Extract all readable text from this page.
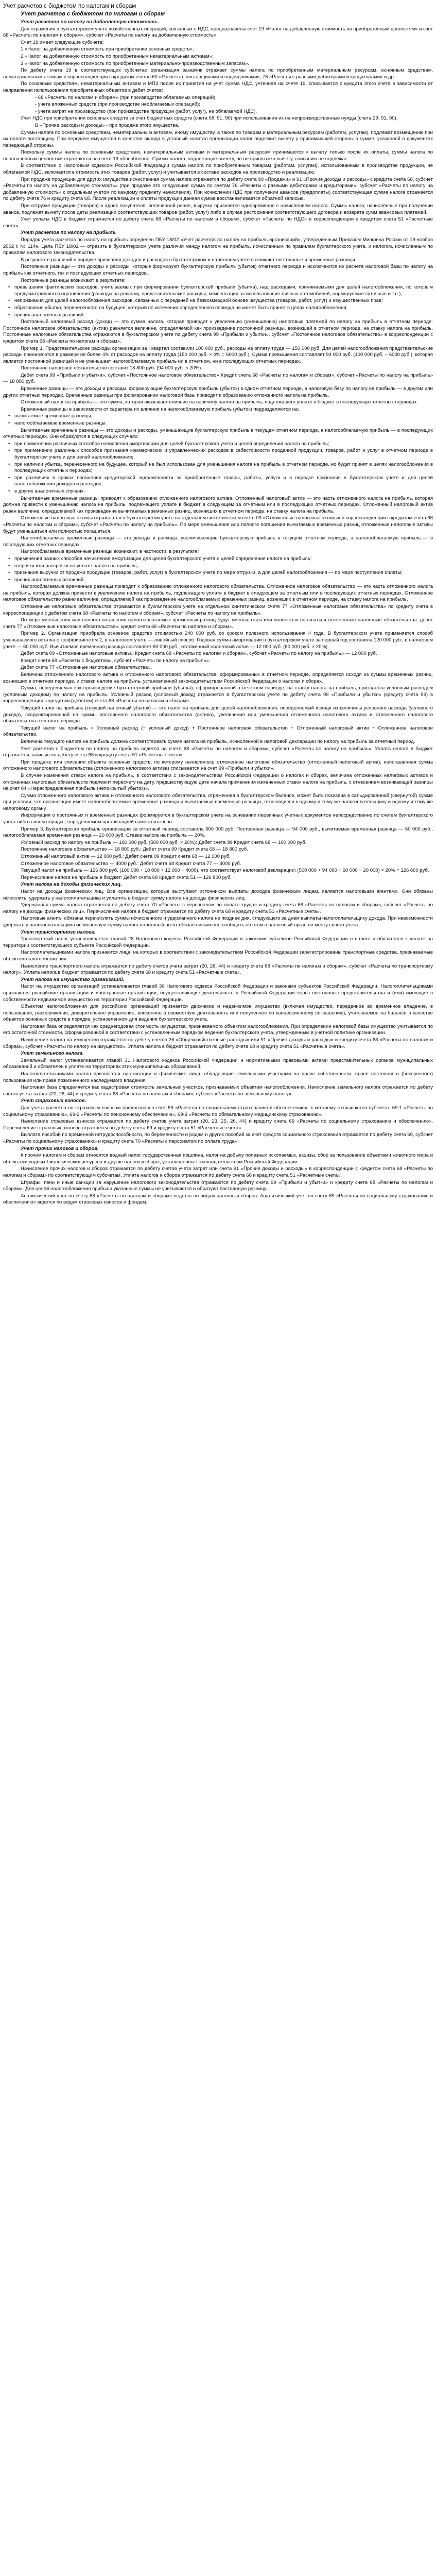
Учет расчетов с бюджетом по налогам и сборам
Учет расчетов с бюджетом по налогам и сборам

Учет расчетов по налогу на добавленную стоимость.

Для отражения в бухгалтерском учете хозяйственных операций, связанных с НДС, предназначены счет 19 «Налог на добавленную стоимость по приобретенным ценностям» и счет 68 «Расчеты по налогам и сборам», субсчет «Расчеты по налогу на добавленную стоимость».

Счет 19 имеет следующие субсчета:

1 «Налог на добавленную стоимость при приобретении основных средств»;

2 «Налог на добавленную стоимость по приобретенным нематериальным активам»;

3 «Налог на добавленную стоимость по приобретенным материально-производственным запасам».

По дебету счета 19 в соответствующих субсчетах организация заказчик отражает суммы налога по приобретенным материальным ресурсам, основным средствам, нематериальным активам в корреспонденции с кредитом счетов 60 «Расчеты с поставщиками и подрядчиками», 76 «Расчеты с разными дебиторами и кредиторами» и др.

По основным средствам, нематериальным активам и МПЗ после их принятия на учет сумма НДС, учтенная на счете 19, списывается с кредита этого счета в зависимости от направления использования приобретенных объектов в дебет счетов:

- 68 «Расчеты по налогам и сборам» (при производстве облагаемых операций);

- учета вложенных средств (при производстве необлагаемых операций);

- учета затрат на производство (при производстве продукции (работ, услуг), не облагаемой НДС).

Учет НДС при приобретении основных средств за счет бюджетных средств (счета 08, 91, 90) при использовании их на непроизводственные нужды (счета 29, 91, 90).

В «Прочие расходы и доходы» - при продаже этого имущества.

Суммы налога по основным средствам, нематериальным активам, иному имуществу, а также по товарам и материальным ресурсам (работам, услугам), подлежат возмещению при их оплате поставщику. При передаче имущества в качестве вклада в уставный капитал организации налог подлежит вычету у принимающей стороны в сумме, указанной в документах передающей стороны.

Поскольку суммы налога по основным средствам, нематериальным активам и материальным ресурсам принимаются к вычету только после их оплаты, суммы налога по неоплаченным ценностям отражаются на счете 19 обособленно. Суммы налога, подлежащие вычету, но не принятые к вычету, списанию не подлежат.

В соответствии с Налоговым кодексом Российской Федерации сумма налога по приобретенным товарам (работам, услугам), использованным в производстве продукции, не облагаемой НДС, включается в стоимость этих товаров (работ, услуг) и учитывается в составе расходов на производство и реализацию.

При продаже продукции для других имущества исчисленная сумма налога отражается по дебету счета 90 «Продажи» и 91 «Прочие доходы и расходы» с кредита счета 68, субсчет «Расчеты по налогу на добавленную стоимость» (при продаже это следующие сумма по счетам 76 «Расчеты с разными дебиторами и кредиторами», субсчет «Расчеты по налогу на добавленную стоимость» с отдельным учетом по каждому предмету начисления). При исчислении НДС при получении авансов (предоплаты) соответствующая сумма налога отражается по дебету счета 76 и кредиту счета 68. После реализации и оплаты продукции данная сумма восстанавливается обратной записью.

При отгрузке продукции (товаров) в адрес покупателя, оплаченной ранее, выручка признается одновременно с начислением налога. Суммы налога, начисленные при получении аванса, подлежат вычету после даты реализации соответствующих товаров (работ, услуг) либо в случае расторжения соответствующего договора и возврата сумм авансовых платежей.

Учет уплаты НДС в бюджет отражается по дебету счета 68 «Расчеты по налогам и сборам», субсчет «Расчеты по НДС» в корреспонденции с кредитом счета 51 «Расчетные счета».

Учет расчетов по налогу на прибыль.

Порядок учета расчетов по налогу на прибыль определен ПБУ 18/02 «Учет расчетов по налогу на прибыль организаций», утвержденным Приказом Минфина России от 19 ноября 2002 г. № 114н. Цель ПБУ 18/02 — отразить в бухгалтерском учете различия между налогом на прибыль, исчисленным по правилам бухгалтерского учета, и налогом, исчисленным по правилам налогового законодательства.

В результате различий в порядке признания доходов и расходов в бухгалтерском и налоговом учете возникают постоянные и временные разницы.

Постоянные разницы — это доходы и расходы, которые формируют бухгалтерскую прибыль (убыток) отчетного периода и исключаются из расчета налоговой базы по налогу на прибыль как отчетного, так и последующих отчетных периодов.

Постоянные разницы возникают в результате:

• превышения фактических расходов, учитываемых при формировании бухгалтерской прибыли (убытка), над расходами, принимаемыми для целей налогообложения, по которым предусматриваются ограничения (расходы на рекламу, представительские расходы, компенсация за использование личных автомобилей, нормируемые суточные и т.п.);

• непризнания для целей налогообложения расходов, связанных с передачей на безвозмездной основе имущества (товаров, работ, услуг) и имущественных прав;

• образования убытка, перенесенного на будущее, который по истечении определенного периода не может быть принят в целях налогообложения;

• прочих аналогичных различий.

Постоянный налоговый расход (доход) — это сумма налога, которая приводит к увеличению (уменьшению) налоговых платежей по налогу на прибыль в отчетном периоде. Постоянное налоговое обязательство (актив) равняется величине, определяемой как произведение постоянной разницы, возникшей в отчетном периоде, на ставку налога на прибыль. Постоянные налоговые обязательства отражаются в бухгалтерском учете по дебету счета 99 «Прибыли и убытки», субсчет «Постоянное налоговое обязательство» в корреспонденции с кредитом счета 68 «Расчеты по налогам и сборам».

Пример 1. Представительские расходы организации за I квартал составили 100 000 руб., расходы на оплату труда — 150 000 руб. Для целей налогообложения представительские расходы принимаются в размере не более 4% от расходов на оплату труда (150 000 руб. × 4% = 6000 руб.). Сумма превышения составляет 94 000 руб. (100 000 руб. − 6000 руб.), которая является постоянной разницей и не уменьшает налогооблагаемую прибыль ни в отчетном, ни в последующих отчетных периодах.

Постоянное налоговое обязательство составит 18 800 руб. (94 000 руб. × 20%).

Дебет счета 99 «Прибыли и убытки», субсчет «Постоянное налоговое обязательство» Кредит счета 68 «Расчеты по налогам и сборам», субсчет «Расчеты по налогу на прибыль» — 18 800 руб.

Временные разницы — это доходы и расходы, формирующие бухгалтерскую прибыль (убыток) в одном отчетном периоде, а налоговую базу по налогу на прибыль — в другом или других отчетных периодах. Временные разницы при формировании налоговой базы приводят к образованию отложенного налога на прибыль.

Отложенный налог на прибыль — это сумма, которая оказывает влияние на величину налога на прибыль, подлежащего уплате в бюджет в последующих отчетных периодах.

Временные разницы в зависимости от характера их влияния на налогооблагаемую прибыль (убыток) подразделяются на:

• вычитаемые временные разницы;

• налогооблагаемые временные разницы.

Вычитаемые временные разницы — это доходы и расходы, уменьшающие бухгалтерскую прибыль в текущем отчетном периоде, а налогооблагаемую прибыль — в последующих отчетных периодах. Они образуются в следующих случаях:

• при применении различных способов начисления амортизации для целей бухгалтерского учета и целей определения налога на прибыль;

• при применении различных способов признания коммерческих и управленческих расходов в себестоимости проданной продукции, товаров, работ и услуг в отчетном периоде в бухгалтерском учете и для целей налогообложения;

• при наличии убытка, перенесенного на будущее, который не был использован для уменьшения налога на прибыль в отчетном периоде, но будет принят в целях налогообложения в последующих отчетных периодах;

• при различиях в сроках погашения кредиторской задолженности за приобретенные товары, работы, услуги и в порядке признания в бухгалтерском учете и для целей налогообложения доходов и расходов;

• в других аналогичных случаях.

Вычитаемые временные разницы приводят к образованию отложенного налогового актива. Отложенный налоговый актив — это часть отложенного налога на прибыль, которая должна привести к уменьшению налога на прибыль, подлежащего уплате в бюджет в следующем за отчетным или в последующих отчетных периодах. Отложенный налоговый актив равен величине, определяемой как произведение вычитаемых временных разниц, возникших в отчетном периоде, на ставку налога на прибыль.

Отложенные налоговые активы отражаются в бухгалтерском учете на отдельном синтетическом счете 09 «Отложенные налоговые активы» в корреспонденции с кредитом счета 68 «Расчеты по налогам и сборам», субсчет «Расчеты по налогу на прибыль». По мере уменьшения или полного погашения вычитаемых временных разниц отложенные налоговые активы будут уменьшаться или полностью погашаться.

Налогооблагаемые временные разницы — это доходы и расходы, увеличивающие бухгалтерскую прибыль в текущем отчетном периоде, а налогооблагаемую прибыль — в последующих отчетных периодах.

Налогооблагаемые временные разницы возникают, в частности, в результате:

• применения разных способов начисления амортизации для целей бухгалтерского учета и целей определения налога на прибыль;

• отсрочки или рассрочки по уплате налога на прибыль;

• признания выручки от продажи продукции (товаров, работ, услуг) в бухгалтерском учете по мере отгрузки, а для целей налогообложения — по мере поступления оплаты;

• прочих аналогичных различий.

Налогооблагаемые временные разницы приводят к образованию отложенного налогового обязательства. Отложенное налоговое обязательство — это часть отложенного налога на прибыль, которая должна привести к увеличению налога на прибыль, подлежащего уплате в бюджет в следующем за отчетным или в последующих отчетных периодах. Отложенное налоговое обязательство равно величине, определяемой как произведение налогооблагаемых временных разниц, возникших в отчетном периоде, на ставку налога на прибыль.

Отложенные налоговые обязательства отражаются в бухгалтерском учете на отдельном синтетическом счете 77 «Отложенные налоговые обязательства» по кредиту счета в корреспонденции с дебетом счета 68 «Расчеты по налогам и сборам», субсчет «Расчеты по налогу на прибыль».

По мере уменьшения или полного погашения налогооблагаемых временных разниц будут уменьшаться или полностью погашаться отложенные налоговые обязательства: дебет счета 77 «Отложенные налоговые обязательства», кредит счета 68 «Расчеты по налогам и сборам».

Пример 2. Организация приобрела основное средство стоимостью 240 000 руб. со сроком полезного использования 4 года. В бухгалтерском учете применяется способ уменьшаемого остатка с коэффициентом 2, в налоговом учете — линейный способ. Годовая сумма амортизации в бухгалтерском учете за первый год составила 120 000 руб., в налоговом учете — 60 000 руб. Вычитаемая временная разница составляет 60 000 руб., отложенный налоговый актив — 12 000 руб. (60 000 руб. × 20%).

Дебет счета 09 «Отложенные налоговые активы» Кредит счета 68 «Расчеты по налогам и сборам», субсчет «Расчеты по налогу на прибыль» — 12 000 руб.

Кредит счета 68 «Расчеты с бюджетом», субсчет «Расчеты по налогу на прибыль».

Дебет счета 77 «Отложенные налоговые обязательства».

Величина отложенного налогового актива и отложенного налогового обязательства, сформированных в отчетном периоде, определяется исходя из суммы временных разниц, возникших в отчетном периоде, и ставки налога на прибыль, установленной законодательством Российской Федерации о налогах и сборах.

Сумма, определяемая как произведение бухгалтерской прибыли (убытка), сформированной в отчетном периоде, на ставку налога на прибыль, признается условным расходом (условным доходом) по налогу на прибыль. Условный расход (условный доход) отражается в бухгалтерском учете по дебету счета 99 «Прибыли и убытки» (кредиту счета 99) в корреспонденции с кредитом (дебетом) счета 68 «Расчеты по налогам и сборам».

Текущий налог на прибыль (текущий налоговый убыток) — это налог на прибыль для целей налогообложения, определяемый исходя из величины условного расхода (условного дохода), скорректированной на суммы постоянного налогового обязательства (актива), увеличения или уменьшения отложенного налогового актива и отложенного налогового обязательства отчетного периода.

Текущий налог на прибыль = Условный расход (− условный доход) + Постоянное налоговое обязательство + Отложенный налоговый актив − Отложенное налоговое обязательство.

Величина текущего налога на прибыль должна соответствовать сумме налога на прибыль, исчисленной в налоговой декларации по налогу на прибыль за отчетный период.

Учет расчетов с бюджетом по налогу на прибыль ведется на счете 68 «Расчеты по налогам и сборам», субсчет «Расчеты по налогу на прибыль». Уплата налога в бюджет отражается записью по дебету счета 68 и кредиту счета 51 «Расчетные счета».

При продаже или списании объекта основных средств, по которому начислялось отложенное налоговое обязательство (отложенный налоговый актив), непогашенная сумма отложенного налогового обязательства (отложенного налогового актива) списывается на счет 99 «Прибыли и убытки».

В случае изменения ставок налога на прибыль, в соответствии с законодательством Российской Федерации о налогах и сборах, величина отложенных налоговых активов и отложенных налоговых обязательств подлежит пересчету на дату, предшествующую дате начала применения измененных ставок налога на прибыль, с отнесением возникающей разницы на счет 84 «Нераспределенная прибыль (непокрытый убыток)».

Сумма отложенного налогового актива и отложенного налогового обязательства, отраженная в бухгалтерском балансе, может быть показана в сальдированной (свернутой) сумме при условии, что организация имеет налогооблагаемые временные разницы и вычитаемые временные разницы, относящиеся к одному и тому же налогоплательщику и одному и тому же налоговому органу.

Информация о постоянных и временных разницах формируется в бухгалтерском учете на основании первичных учетных документов непосредственно по счетам бухгалтерского учета либо в ином порядке, определяемом организацией самостоятельно.

Пример 3. Бухгалтерская прибыль организации за отчетный период составила 500 000 руб. Постоянная разница — 94 000 руб., вычитаемая временная разница — 60 000 руб., налогооблагаемая временная разница — 20 000 руб. Ставка налога на прибыль — 20%.

Условный расход по налогу на прибыль — 100 000 руб. (500 000 руб. × 20%): Дебет счета 99 Кредит счета 68 — 100 000 руб.

Постоянное налоговое обязательство — 18 800 руб.: Дебет счета 99 Кредит счета 68 — 18 800 руб.

Отложенный налоговый актив — 12 000 руб.: Дебет счета 09 Кредит счета 68 — 12 000 руб.

Отложенное налоговое обязательство — 4000 руб.: Дебет счета 68 Кредит счета 77 — 4000 руб.

Текущий налог на прибыль — 126 800 руб. (100 000 + 18 800 + 12 000 − 4000), что соответствует налоговой декларации: (500 000 + 94 000 + 60 000 − 20 000) × 20% = 126 800 руб.

Перечисление налога на прибыль в бюджет: Дебет счета 68 Кредит счета 51 — 126 800 руб.

Учет налога на доходы физических лиц.

Налог на доходы физических лиц. Все организации, которые выступают источником выплаты доходов физическим лицам, являются налоговыми агентами. Они обязаны исчислить, удержать у налогоплательщика и уплатить в бюджет сумму налога на доходы физических лиц.

Удержанная сумма налога отражается по дебету счета 70 «Расчеты с персоналом по оплате труда» и кредиту счета 68 «Расчеты по налогам и сборам», субсчет «Расчеты по налогу на доходы физических лиц». Перечисление налога в бюджет отражается по дебету счета 68 и кредиту счета 51 «Расчетные счета».

Налоговые агенты обязаны перечислять суммы исчисленного и удержанного налога не позднее дня, следующего за днем выплаты налогоплательщику дохода. При невозможности удержать у налогоплательщика исчисленную сумму налога налоговый агент обязан письменно сообщить об этом в налоговый орган по месту своего учета.

Учет транспортного налога.

Транспортный налог устанавливается главой 28 Налогового кодекса Российской Федерации и законами субъектов Российской Федерации о налоге и обязателен к уплате на территории соответствующего субъекта Российской Федерации.

Налогоплательщиками налога признаются лица, на которых в соответствии с законодательством Российской Федерации зарегистрированы транспортные средства, признаваемые объектом налогообложения.

Начисление транспортного налога отражается по дебету счетов учета затрат (20, 26, 44) и кредиту счета 68 «Расчеты по налогам и сборам», субсчет «Расчеты по транспортному налогу». Уплата налога в бюджет отражается по дебету счета 68 и кредиту счета 51 «Расчетные счета».

Учет налога на имущество организаций.

Налог на имущество организаций устанавливается главой 30 Налогового кодекса Российской Федерации и законами субъектов Российской Федерации. Налогоплательщиками признаются российские организации и иностранные организации, осуществляющие деятельность в Российской Федерации через постоянные представительства и (или) имеющие в собственности недвижимое имущество на территории Российской Федерации.

Объектом налогообложения для российских организаций признается движимое и недвижимое имущество (включая имущество, переданное во временное владение, в пользование, распоряжение, доверительное управление, внесенное в совместную деятельность или полученное по концессионному соглашению), учитываемое на балансе в качестве объектов основных средств в порядке, установленном для ведения бухгалтерского учета.

Налоговая база определяется как среднегодовая стоимость имущества, признаваемого объектом налогообложения. При определении налоговой базы имущество учитывается по его остаточной стоимости, сформированной в соответствии с установленным порядком ведения бухгалтерского учета, утвержденным в учетной политике организации.

Начисление налога на имущество отражается по дебету счетов 26 «Общехозяйственные расходы» или 91 «Прочие доходы и расходы» и кредиту счета 68 «Расчеты по налогам и сборам», субсчет «Расчеты по налогу на имущество». Уплата налога в бюджет отражается по дебету счета 68 и кредиту счета 51 «Расчетные счета».

Учет земельного налога.

Земельный налог устанавливается главой 31 Налогового кодекса Российской Федерации и нормативными правовыми актами представительных органов муниципальных образований и обязателен к уплате на территориях этих муниципальных образований.

Налогоплательщиками налога признаются организации и физические лица, обладающие земельными участками на праве собственности, праве постоянного (бессрочного) пользования или праве пожизненного наследуемого владения.

Налоговая база определяется как кадастровая стоимость земельных участков, признаваемых объектом налогообложения. Начисление земельного налога отражается по дебету счетов учета затрат (20, 26, 44) и кредиту счета 68 «Расчеты по налогам и сборам», субсчет «Расчеты по земельному налогу».

Учет страховых взносов.

Для учета расчетов по страховым взносам предназначен счет 69 «Расчеты по социальному страхованию и обеспечению», к которому открываются субсчета: 69-1 «Расчеты по социальному страхованию», 69-2 «Расчеты по пенсионному обеспечению», 69-3 «Расчеты по обязательному медицинскому страхованию».

Начисление страховых взносов отражается по дебету счетов учета затрат (20, 23, 25, 26, 44) и кредиту счета 69 «Расчеты по социальному страхованию и обеспечению». Перечисление страховых взносов отражается по дебету счета 69 и кредиту счета 51 «Расчетные счета».

Выплата пособий по временной нетрудоспособности, по беременности и родам и других пособий за счет средств социального страхования отражается по дебету счета 69, субсчет «Расчеты по социальному страхованию» и кредиту счета 70 «Расчеты с персоналом по оплате труда».

Учет прочих налогов и сборов.

К прочим налогам и сборам относятся водный налог, государственная пошлина, налог на добычу полезных ископаемых, акцизы, сбор за пользование объектами животного мира и объектами водных биологических ресурсов и другие налоги и сборы, установленные законодательством Российской Федерации.

Начисление прочих налогов и сборов отражается по дебету счетов учета затрат или счета 91 «Прочие доходы и расходы» в корреспонденции с кредитом счета 68 «Расчеты по налогам и сборам» по соответствующим субсчетам. Уплата налогов и сборов отражается по дебету счета 68 и кредиту счета 51 «Расчетные счета».

Штрафы, пени и иные санкции за нарушение налогового законодательства отражаются по дебету счета 99 «Прибыли и убытки» и кредиту счета 68 «Расчеты по налогам и сборам». Для целей налогообложения прибыли указанные суммы не учитываются и образуют постоянную разницу.

Аналитический учет по счету 68 «Расчеты по налогам и сборам» ведется по видам налогов и сборов. Аналитический учет по счету 69 «Расчеты по социальному страхованию и обеспечению» ведется по видам страховых взносов и фондам.
